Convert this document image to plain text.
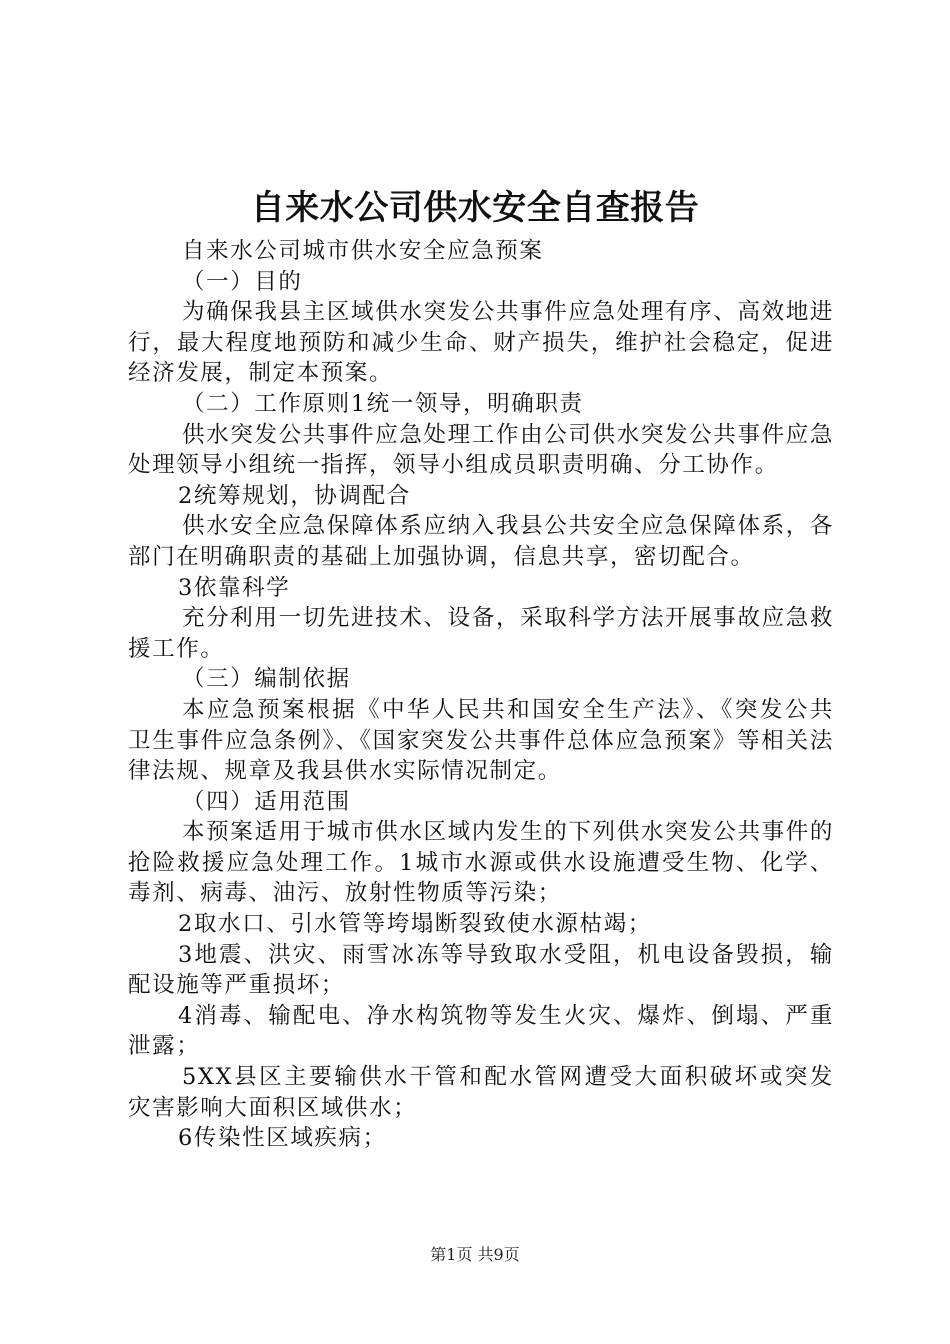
自来水公司供水安全自查报告

自来水公司城市供水安全应急预案

（一）目的

为确保我县主区域供水突发公共事件应急处理有序、高效地进行，最大程度地预防和减少生命、财产损失，维护社会稳定，促进经济发展，制定本预案。

（二）工作原则1统一领导，明确职责

供水突发公共事件应急处理工作由公司供水突发公共事件应急处理领导小组统一指挥，领导小组成员职责明确、分工协作。

2统筹规划，协调配合

供水安全应急保障体系应纳入我县公共安全应急保障体系，各部门在明确职责的基础上加强协调，信息共享，密切配合。

3依靠科学

充分利用一切先进技术、设备，采取科学方法开展事故应急救援工作。

（三）编制依据

本应急预案根据《中华人民共和国安全生产法》、《突发公共卫生事件应急条例》、《国家突发公共事件总体应急预案》等相关法律法规、规章及我县供水实际情况制定。

（四）适用范围

本预案适用于城市供水区域内发生的下列供水突发公共事件的抢险救援应急处理工作。1城市水源或供水设施遭受生物、化学、毒剂、病毒、油污、放射性物质等污染；

2取水口、引水管等垮塌断裂致使水源枯竭；

3地震、洪灾、雨雪冰冻等导致取水受阻，机电设备毁损，输配设施等严重损坏；

4消毒、输配电、净水构筑物等发生火灾、爆炸、倒塌、严重泄露；

5XX县区主要输供水干管和配水管网遭受大面积破坏或突发灾害影响大面积区域供水；

6传染性区域疾病；

第1页 共9页
